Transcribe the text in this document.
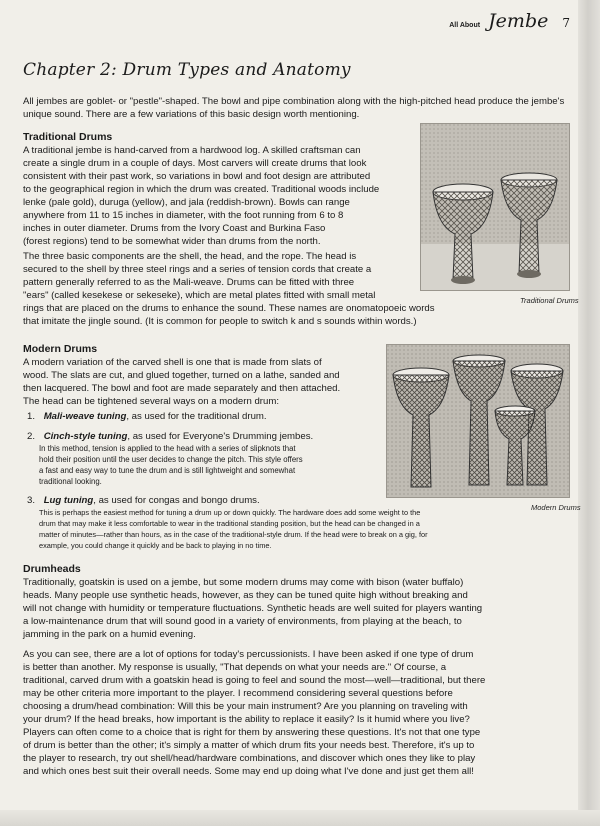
All About Jembe 7
Chapter 2: Drum Types and Anatomy

All jembes are goblet- or "pestle"-shaped. The bowl and pipe combination along with the high-pitched head produce the jembe's unique sound. There are a few variations of this basic design worth mentioning.

Traditional Drums
A traditional jembe is hand-carved from a hardwood log. A skilled craftsman can
create a single drum in a couple of days. Most carvers will create drums that look
consistent with their past work, so variations in bowl and foot design are attributed
to the geographical region in which the drum was created. Traditional woods include
lenke (pale gold), duruga (yellow), and jala (reddish-brown). Bowls can range
anywhere from 11 to 15 inches in diameter, with the foot running from 6 to 8
inches in outer diameter. Drums from the Ivory Coast and Burkina Faso
(forest regions) tend to be somewhat wider than drums from the north.
The three basic components are the shell, the head, and the rope. The head is
secured to the shell by three steel rings and a series of tension cords that create a
pattern generally referred to as the Mali-weave. Drums can be fitted with three
"ears" (called kesekese or sekeseke), which are metal plates fitted with small metal
rings that are placed on the drums to enhance the sound. These names are onomatopoeic words
that imitate the jingle sound. (It is common for people to switch k and s sounds within words.)
Traditional Drums
Modern Drums
A modern variation of the carved shell is one that is made from slats of
wood. The slats are cut, and glued together, turned on a lathe, sanded and
then lacquered. The bowl and foot are made separately and then attached.
The head can be tightened several ways on a modern drum:
Modern Drums
1. Mali-weave tuning, as used for the traditional drum.
2. Cinch-style tuning, as used for Everyone's Drumming jembes.
In this method, tension is applied to the head with a series of slipknots that
hold their position until the user decides to change the pitch. This style offers
a fast and easy way to tune the drum and is still lightweight and somewhat
traditional looking.
3. Lug tuning, as used for congas and bongo drums.
This is perhaps the easiest method for tuning a drum up or down quickly. The hardware does add some weight to the
drum that may make it less comfortable to wear in the traditional standing position, but the head can be changed in a
matter of minutes—rather than hours, as in the case of the traditional-style drum. If the head were to break on a gig, for
example, you could change it quickly and be back to playing in no time.
Drumheads
Traditionally, goatskin is used on a jembe, but some modern drums may come with bison (water buffalo)
heads. Many people use synthetic heads, however, as they can be tuned quite high without breaking and
will not change with humidity or temperature fluctuations. Synthetic heads are well suited for players wanting
a low-maintenance drum that will sound good in a variety of environments, from playing at the beach, to
jamming in the park on a humid evening.
As you can see, there are a lot of options for today's percussionists. I have been asked if one type of drum
is better than another. My response is usually, "That depends on what your needs are." Of course, a
traditional, carved drum with a goatskin head is going to feel and sound the most—well—traditional, but there
may be other criteria more important to the player. I recommend considering several questions before
choosing a drum/head combination: Will this be your main instrument? Are you planning on traveling with
your drum? If the head breaks, how important is the ability to replace it easily? Is it humid where you live?
Players can often come to a choice that is right for them by answering these questions. It's not that one type
of drum is better than the other; it's simply a matter of which drum fits your needs best. Therefore, it's up to
the player to research, try out shell/head/hardware combinations, and discover which ones they like to play
and which ones best suit their overall needs. Some may end up doing what I've done and just get them all!
